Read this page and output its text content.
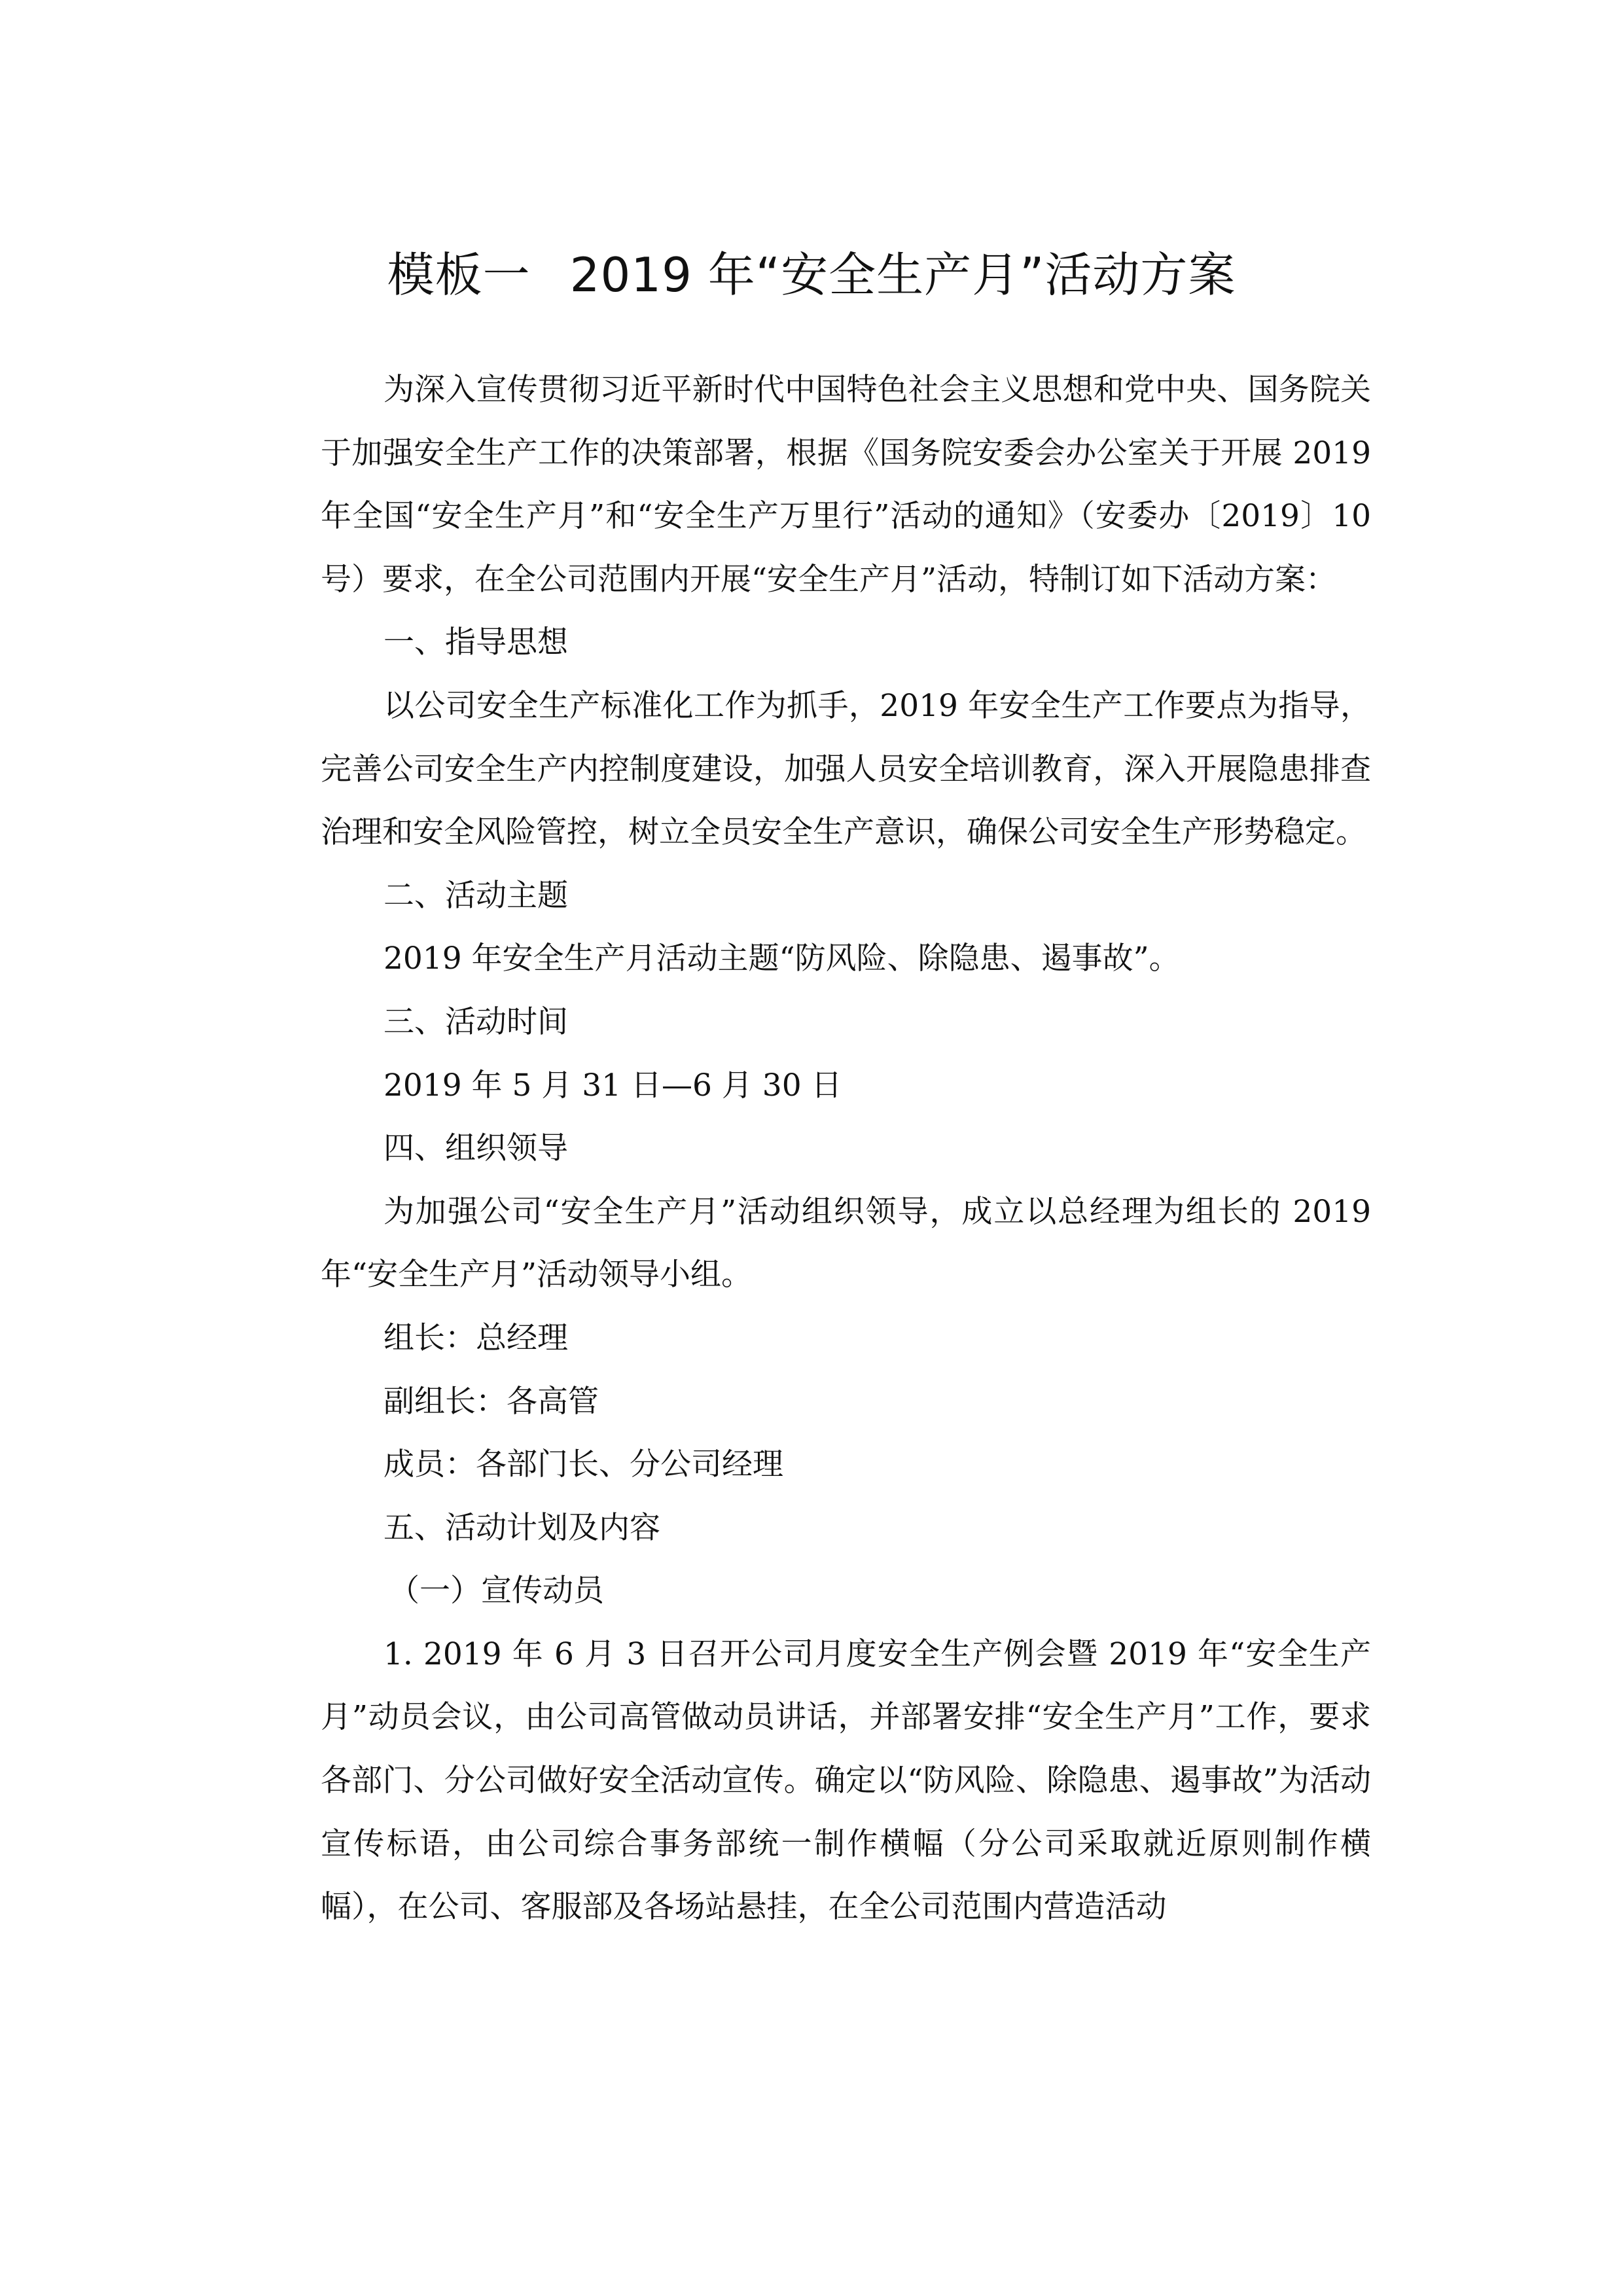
模板一 2019 年“安全生产月”活动方案

为深入宣传贯彻习近平新时代中国特色社会主义思想和党中央、国务院关于加强安全生产工作的决策部署，根据《国务院安委会办公室关于开展 2019 年全国“安全生产月”和“安全生产万里行”活动的通知》（安委办〔2019〕10 号）要求，在全公司范围内开展“安全生产月”活动，特制订如下活动方案：

一、指导思想

以公司安全生产标准化工作为抓手，2019 年安全生产工作要点为指导，完善公司安全生产内控制度建设，加强人员安全培训教育，深入开展隐患排查治理和安全风险管控，树立全员安全生产意识，确保公司安全生产形势稳定。

二、活动主题

2019 年安全生产月活动主题“防风险、除隐患、遏事故”。

三、活动时间

2019 年 5 月 31 日—6 月 30 日

四、组织领导

为加强公司“安全生产月”活动组织领导，成立以总经理为组长的 2019 年“安全生产月”活动领导小组。

组长：总经理

副组长：各高管

成员：各部门长、分公司经理

五、活动计划及内容

（一）宣传动员

1. 2019 年 6 月 3 日召开公司月度安全生产例会暨 2019 年“安全生产月”动员会议，由公司高管做动员讲话，并部署安排“安全生产月”工作，要求各部门、分公司做好安全活动宣传。确定以“防风险、除隐患、遏事故”为活动宣传标语，由公司综合事务部统一制作横幅（分公司采取就近原则制作横幅），在公司、客服部及各场站悬挂，在全公司范围内营造活动
